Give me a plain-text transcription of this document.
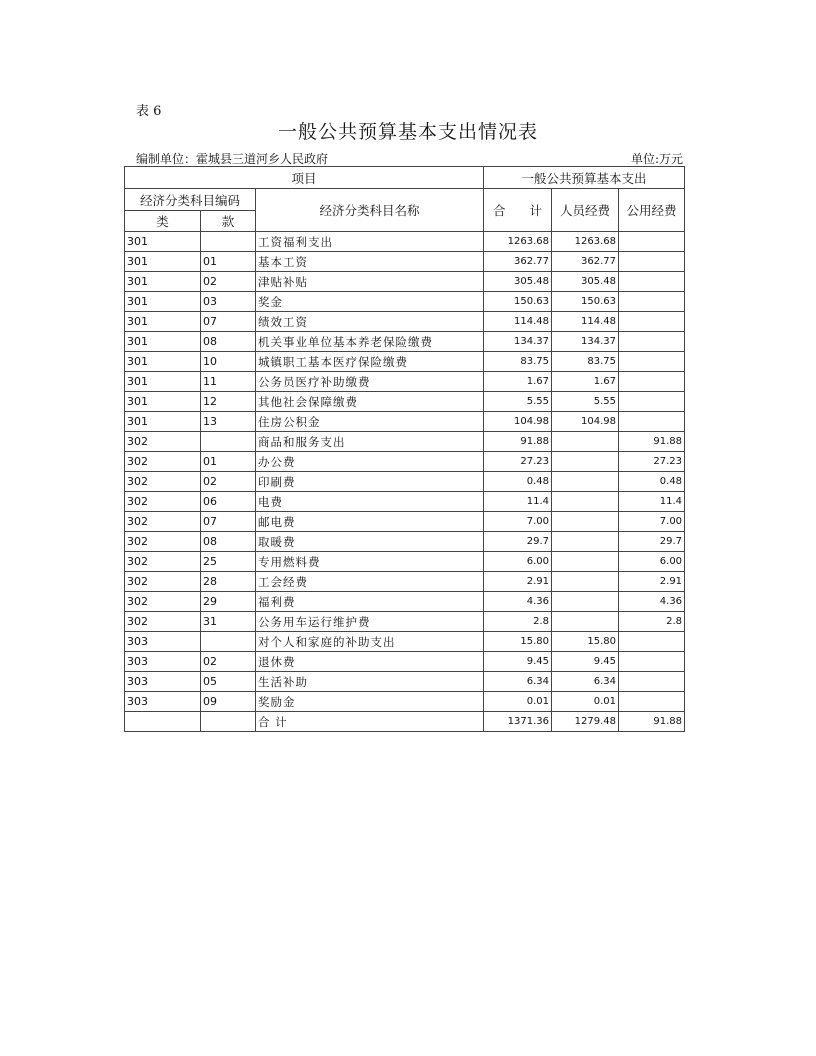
表 6
一般公共预算基本支出情况表
编制单位：霍城县三道河乡人民政府	单位:万元
项目			一般公共预算基本支出		
经济分类科目编码		经济分类科目名称	合 计	人员经费	公用经费
类	款				
301		工资福利支出	1263.68	1263.68	
301	01	基本工资	362.77	362.77	
301	02	津贴补贴	305.48	305.48	
301	03	奖金	150.63	150.63	
301	07	绩效工资	114.48	114.48	
301	08	机关事业单位基本养老保险缴费	134.37	134.37	
301	10	城镇职工基本医疗保险缴费	83.75	83.75	
301	11	公务员医疗补助缴费	1.67	1.67	
301	12	其他社会保障缴费	5.55	5.55	
301	13	住房公积金	104.98	104.98	
302		商品和服务支出	91.88		91.88
302	01	办公费	27.23		27.23
302	02	印刷费	0.48		0.48
302	06	电费	11.4		11.4
302	07	邮电费	7.00		7.00
302	08	取暖费	29.7		29.7
302	25	专用燃料费	6.00		6.00
302	28	工会经费	2.91		2.91
302	29	福利费	4.36		4.36
302	31	公务用车运行维护费	2.8		2.8
303		对个人和家庭的补助支出	15.80	15.80	
303	02	退休费	9.45	9.45	
303	05	生活补助	6.34	6.34	
303	09	奖励金	0.01	0.01	
		合 计	1371.36	1279.48	91.88
